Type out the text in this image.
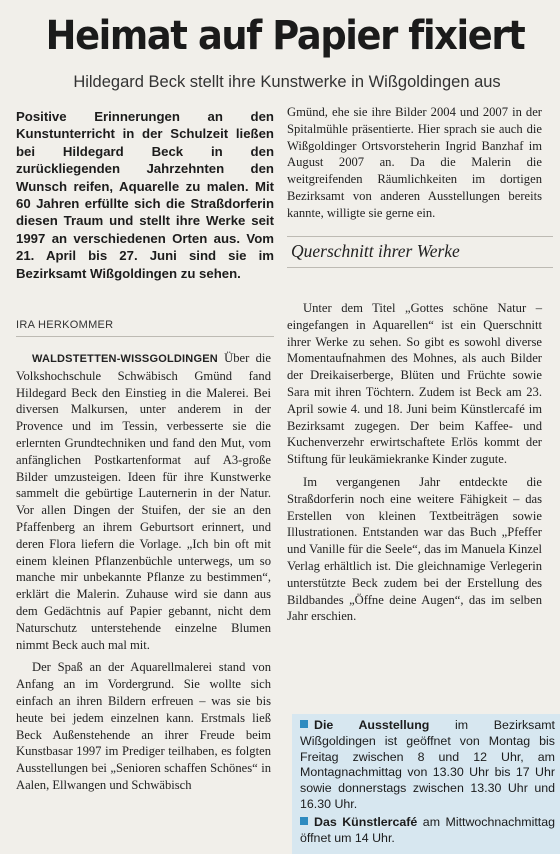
Heimat auf Papier fixiert
Hildegard Beck stellt ihre Kunstwerke in Wißgoldingen aus
Positive Erinnerungen an den Kunstunterricht in der Schulzeit ließen bei Hildegard Beck in den zurückliegenden Jahrzehnten den Wunsch reifen, Aquarelle zu malen. Mit 60 Jahren erfüllte sich die Straßdorferin diesen Traum und stellt ihre Werke seit 1997 an verschiedenen Orten aus. Vom 21. April bis 27. Juni sind sie im Bezirksamt Wißgoldingen zu sehen.
IRA HERKOMMER

WALDSTETTEN-WISSGOLDINGEN Über die Volkshochschule Schwäbisch Gmünd fand Hildegard Beck den Einstieg in die Malerei. Bei diversen Malkursen, unter anderem in der Provence und im Tessin, verbesserte sie die erlernten Grundtechniken und fand den Mut, vom anfänglichen Postkartenformat auf A3-große Bilder umzusteigen. Ideen für ihre Kunstwerke sammelt die gebürtige Lauternerin in der Natur. Vor allen Dingen der Stuifen, der sie an den Pfaffenberg an ihrem Geburtsort erinnert, und deren Flora liefern die Vorlage. „Ich bin oft mit einem kleinen Pflanzenbüchle unterwegs, um so manche mir unbekannte Pflanze zu bestimmen“, erklärt die Malerin. Zuhause wird sie dann aus dem Gedächtnis auf Papier gebannt, nicht dem Naturschutz unterstehende einzelne Blumen nimmt Beck auch mal mit.

Der Spaß an der Aquarellmalerei stand von Anfang an im Vordergrund. Sie wollte sich einfach an ihren Bildern erfreuen – was sie bis heute bei jedem einzelnen kann. Erstmals ließ Beck Außenstehende an ihrer Freude beim Kunstbasar 1997 im Prediger teilhaben, es folgten Ausstellungen bei „Senioren schaffen Schönes“ in Aalen, Ellwangen und Schwäbisch

Gmünd, ehe sie ihre Bilder 2004 und 2007 in der Spitalmühle präsentierte. Hier sprach sie auch die Wißgoldinger Ortsvorsteherin Ingrid Banzhaf im August 2007 an. Da die Malerin die weitgreifenden Räumlichkeiten im dortigen Bezirksamt von anderen Ausstellungen bereits kannte, willigte sie gerne ein.

Querschnitt ihrer Werke

Unter dem Titel „Gottes schöne Natur – eingefangen in Aquarellen“ ist ein Querschnitt ihrer Werke zu sehen. So gibt es sowohl diverse Momentaufnahmen des Mohnes, als auch Bilder der Dreikaiserberge, Blüten und Früchte sowie Sara mit ihren Töchtern. Zudem ist Beck am 23. April sowie 4. und 18. Juni beim Künstlercafé im Bezirksamt zugegen. Der beim Kaffee- und Kuchenverzehr erwirtschaftete Erlös kommt der Stiftung für leukämiekranke Kinder zugute.

Im vergangenen Jahr entdeckte die Straßdorferin noch eine weitere Fähigkeit – das Erstellen von kleinen Textbeiträgen sowie Illustrationen. Entstanden war das Buch „Pfeffer und Vanille für die Seele“, das im Manuela Kinzel Verlag erhältlich ist. Die gleichnamige Verlegerin unterstützte Beck zudem bei der Erstellung des Bildbandes „Öffne deine Augen“, das im selben Jahr erschien.

Die Ausstellung im Bezirksamt Wißgoldingen ist geöffnet von Montag bis Freitag zwischen 8 und 12 Uhr, am Montagnachmittag von 13.30 Uhr bis 17 Uhr sowie donnerstags zwischen 13.30 Uhr und 16.30 Uhr.

Das Künstlercafé am Mittwochnachmittag öffnet um 14 Uhr.
